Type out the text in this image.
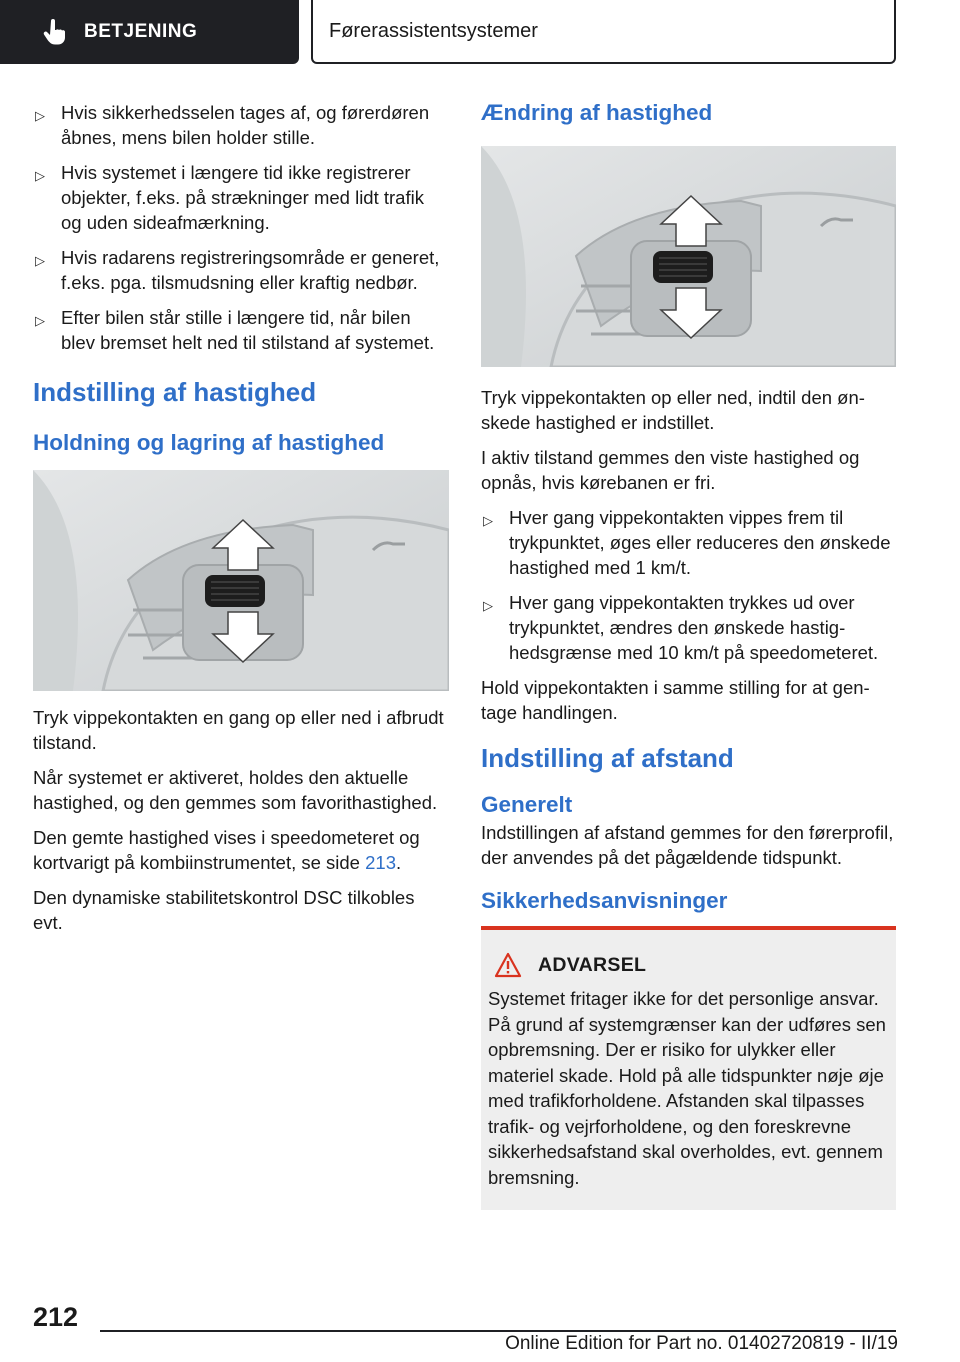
BETJENING	Førerassistentsystemer
▷ Hvis sikkerhedsselen tages af, og førerdøren åbnes, mens bilen holder stille.
▷ Hvis systemet i længere tid ikke registrerer objekter, f.eks. på strækninger med lidt trafik og uden sideafmærkning.
▷ Hvis radarens registreringsområde er generet, f.eks. pga. tilsmudsning eller kraftig nedbør.
▷ Efter bilen står stille i længere tid, når bilen blev bremset helt ned til stilstand af systemet.
Indstilling af hastighed
Holdning og lagring af hastighed

Tryk vippekontakten en gang op eller ned i afbrudt tilstand.

Når systemet er aktiveret, holdes den aktuelle hastighed, og den gemmes som favorithastighed.

Den gemte hastighed vises i speedometeret og kortvarigt på kombiinstrumentet, se side 213.

Den dynamiske stabilitetskontrol DSC tilkobles evt.

Ændring af hastighed

Tryk vippekontakten op eller ned, indtil den ønskede hastighed er indstillet.

I aktiv tilstand gemmes den viste hastighed og opnås, hvis kørebanen er fri.

▷ Hver gang vippekontakten vippes frem til trykpunktet, øges eller reduceres den ønskede hastighed med 1 km/t.
▷ Hver gang vippekontakten trykkes ud over trykpunktet, ændres den ønskede hastighedsgrænse med 10 km/t på speedometeret.

Hold vippekontakten i samme stilling for at gentage handlingen.

Indstilling af afstand
Generelt

Indstillingen af afstand gemmes for den førerprofil, der anvendes på det pågældende tidspunkt.

Sikkerhedsanvisninger
ADVARSEL

Systemet fritager ikke for det personlige ansvar. På grund af systemgrænser kan der udføres sen opbremsning. Der er risiko for ulykker eller materiel skade. Hold på alle tidspunkter nøje øje med trafikforholdene. Afstanden skal tilpasses trafik- og vejrforholdene, og den foreskrevne sikkerhedsafstand skal overholdes, evt. gennem bremsning.

212
Online Edition for Part no. 01402720819 - II/19
